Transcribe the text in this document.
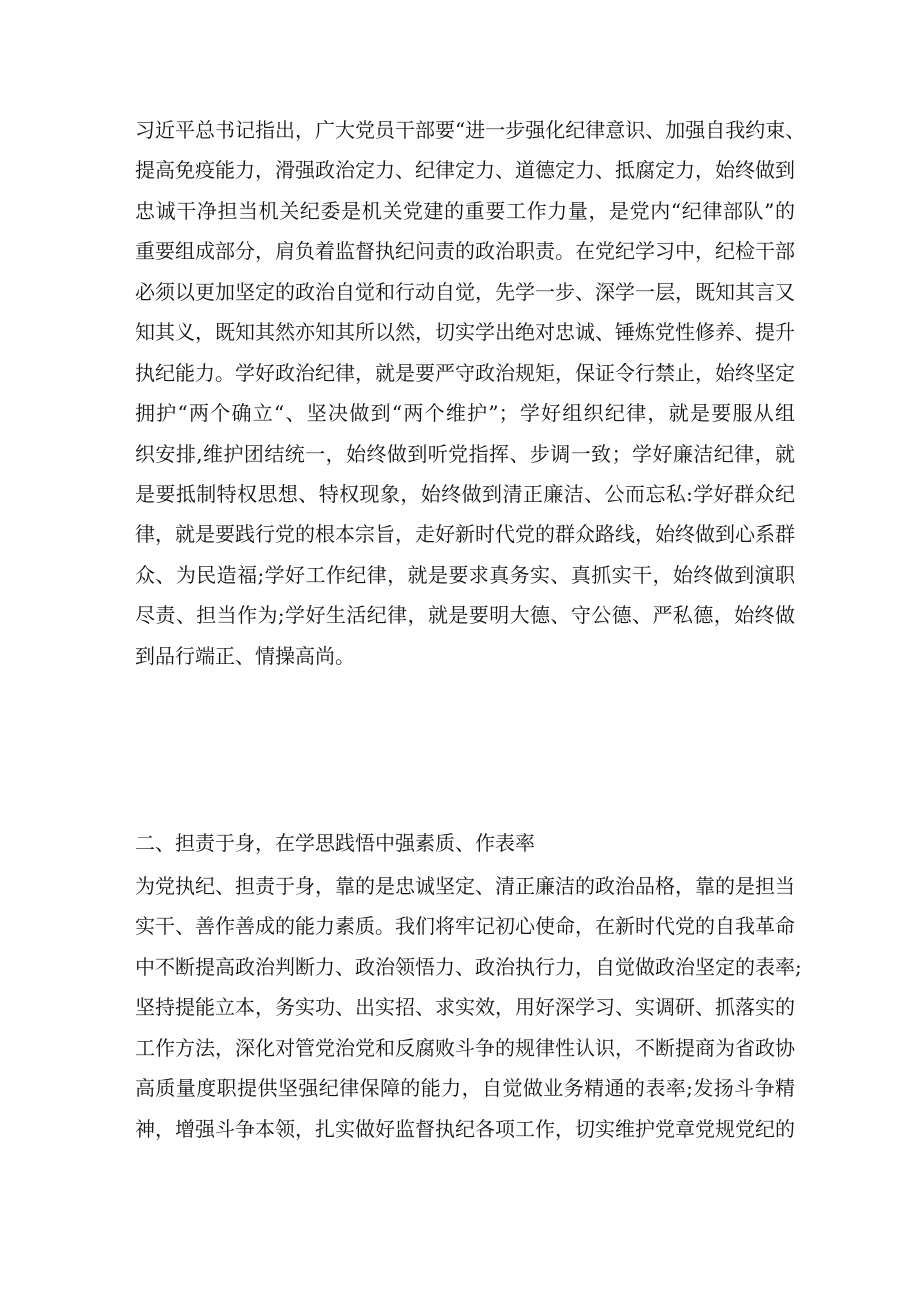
习近平总书记指出，广大党员干部要“进一步强化纪律意识、加强自我约束、
提高免疫能力，滑强政治定力、纪律定力、道德定力、抵腐定力，始终做到
忠诚干净担当机关纪委是机关党建的重要工作力量，是党内“纪律部队”的
重要组成部分，肩负着监督执纪问责的政治职责。在党纪学习中，纪检干部
必须以更加坚定的政治自觉和行动自觉，先学一步、深学一层，既知其言又
知其义，既知其然亦知其所以然，切实学出绝对忠诚、锤炼党性修养、提升
执纪能力。学好政治纪律，就是要严守政治规矩，保证令行禁止，始终坚定
拥护“两个确立“、坚决做到“两个维护”；学好组织纪律，就是要服从组
织安排,维护团结统一，始终做到听党指挥、步调一致；学好廉洁纪律，就
是要抵制特权思想、特权现象，始终做到清正廉洁、公而忘私:学好群众纪
律，就是要践行党的根本宗旨，走好新时代党的群众路线，始终做到心系群
众、为民造福;学好工作纪律，就是要求真务实、真抓实干，始终做到演职
尽责、担当作为;学好生活纪律，就是要明大德、守公德、严私德，始终做
到品行端正、情操高尚。
二、担责于身，在学思践悟中强素质、作表率
为党执纪、担责于身，靠的是忠诚坚定、清正廉洁的政治品格，靠的是担当
实干、善作善成的能力素质。我们将牢记初心使命，在新时代党的自我革命
中不断提高政治判断力、政治领悟力、政治执行力，自觉做政治坚定的表率;
坚持提能立本，务实功、出实招、求实效，用好深学习、实调研、抓落实的
工作方法，深化对管党治党和反腐败斗争的规律性认识，不断提商为省政协
高质量度职提供坚强纪律保障的能力，自觉做业务精通的表率;发扬斗争精
神，增强斗争本领，扎实做好监督执纪各项工作，切实维护党章党规党纪的
